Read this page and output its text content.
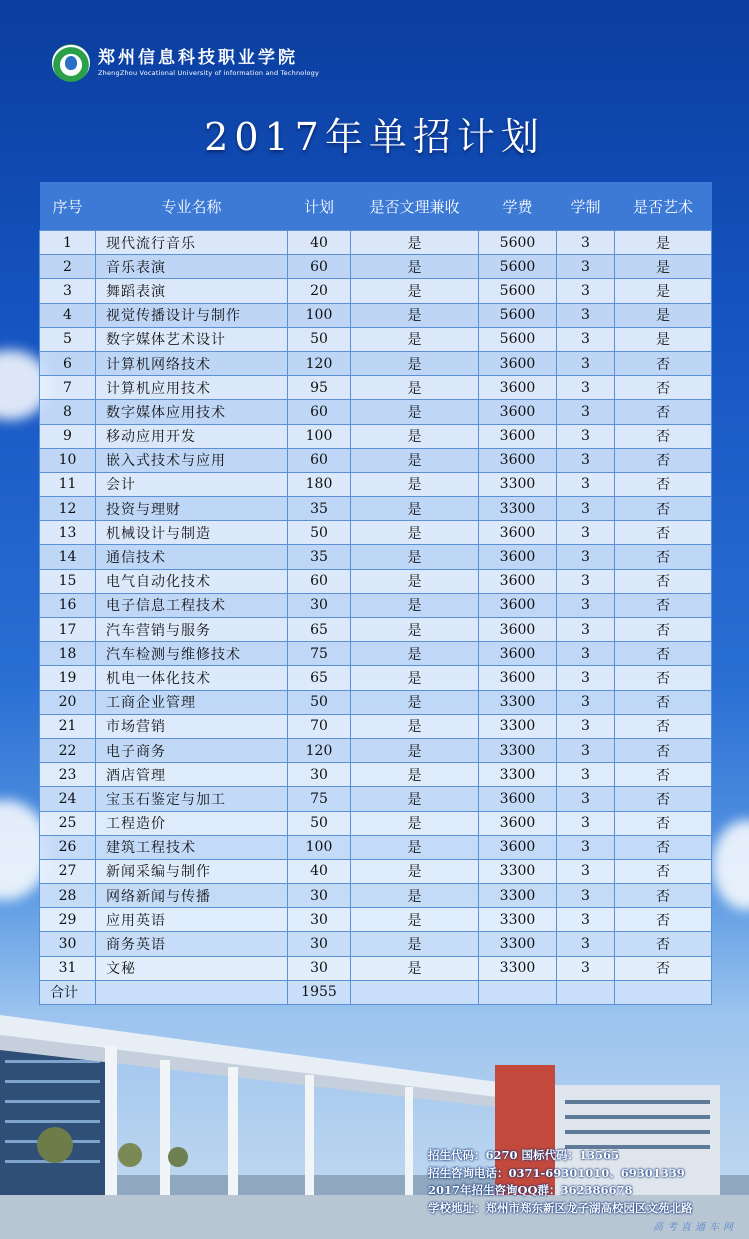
郑州信息科技职业学院
ZhengZhou Vocational University of information and Technology
2017年单招计划
序号	专业名称	计划	是否文理兼收	学费	学制	是否艺术
1	现代流行音乐	40	是	5600	3	是
2	音乐表演	60	是	5600	3	是
3	舞蹈表演	20	是	5600	3	是
4	视觉传播设计与制作	100	是	5600	3	是
5	数字媒体艺术设计	50	是	5600	3	是
6	计算机网络技术	120	是	3600	3	否
7	计算机应用技术	95	是	3600	3	否
8	数字媒体应用技术	60	是	3600	3	否
9	移动应用开发	100	是	3600	3	否
10	嵌入式技术与应用	60	是	3600	3	否
11	会计	180	是	3300	3	否
12	投资与理财	35	是	3300	3	否
13	机械设计与制造	50	是	3600	3	否
14	通信技术	35	是	3600	3	否
15	电气自动化技术	60	是	3600	3	否
16	电子信息工程技术	30	是	3600	3	否
17	汽车营销与服务	65	是	3600	3	否
18	汽车检测与维修技术	75	是	3600	3	否
19	机电一体化技术	65	是	3600	3	否
20	工商企业管理	50	是	3300	3	否
21	市场营销	70	是	3300	3	否
22	电子商务	120	是	3300	3	否
23	酒店管理	30	是	3300	3	否
24	宝玉石鉴定与加工	75	是	3600	3	否
25	工程造价	50	是	3600	3	否
26	建筑工程技术	100	是	3600	3	否
27	新闻采编与制作	40	是	3300	3	否
28	网络新闻与传播	30	是	3300	3	否
29	应用英语	30	是	3300	3	否
30	商务英语	30	是	3300	3	否
31	文秘	30	是	3300	3	否
合计		1955				
招生代码：6270 国标代码：13565
招生咨询电话：0371-69301010、69301339
2017年招生咨询QQ群：362386678
学校地址：郑州市郑东新区龙子湖高校园区文苑北路
高考直通车网
